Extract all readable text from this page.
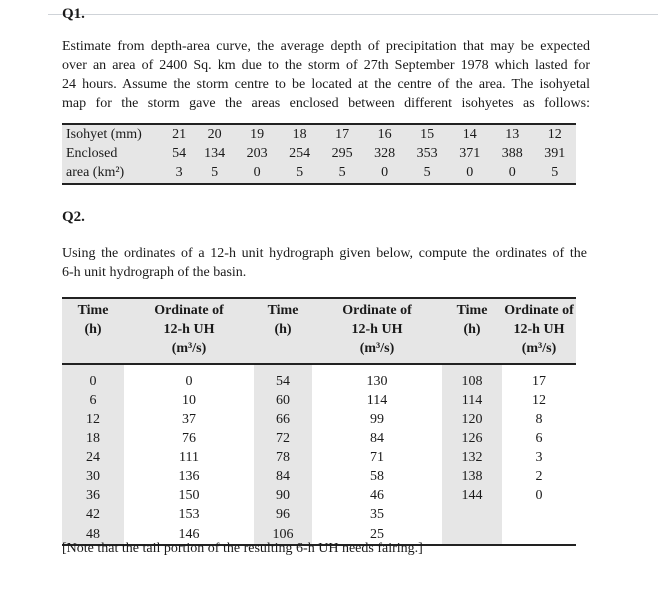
Q1.
Estimate from depth-area curve, the average depth of precipitation that may be expected
over an area of 2400 Sq. km due to the storm of 27th September 1978 which lasted for
24 hours. Assume the storm centre to be located at the centre of the area. The isohyetal
map for the storm gave the areas enclosed between different isohyetes as follows:
Isohyet (mm)	21	20	19	18	17	16	15	14	13	12
Enclosed	54	134	203	254	295	328	353	371	388	391
area (km²)	3	5	0	5	5	0	5	0	0	5
Q2.
Using the ordinates of a 12-h unit hydrograph given below, compute the ordinates of the
6-h unit hydrograph of the basin.
Time
(h)	Ordinate of
12-h UH
(m³/s)	Time
(h)	Ordinate of
12-h UH
(m³/s)	Time
(h)	Ordinate of
12-h UH
(m³/s)

0	0	54	130	108	17
6	10	60	114	114	12
12	37	66	99	120	8
18	76	72	84	126	6
24	111	78	71	132	3
30	136	84	58	138	2
36	150	90	46	144	0
42	153	96	35		
48	146	106	25		
[Note that the tail portion of the resulting 6-h UH needs fairing.]
